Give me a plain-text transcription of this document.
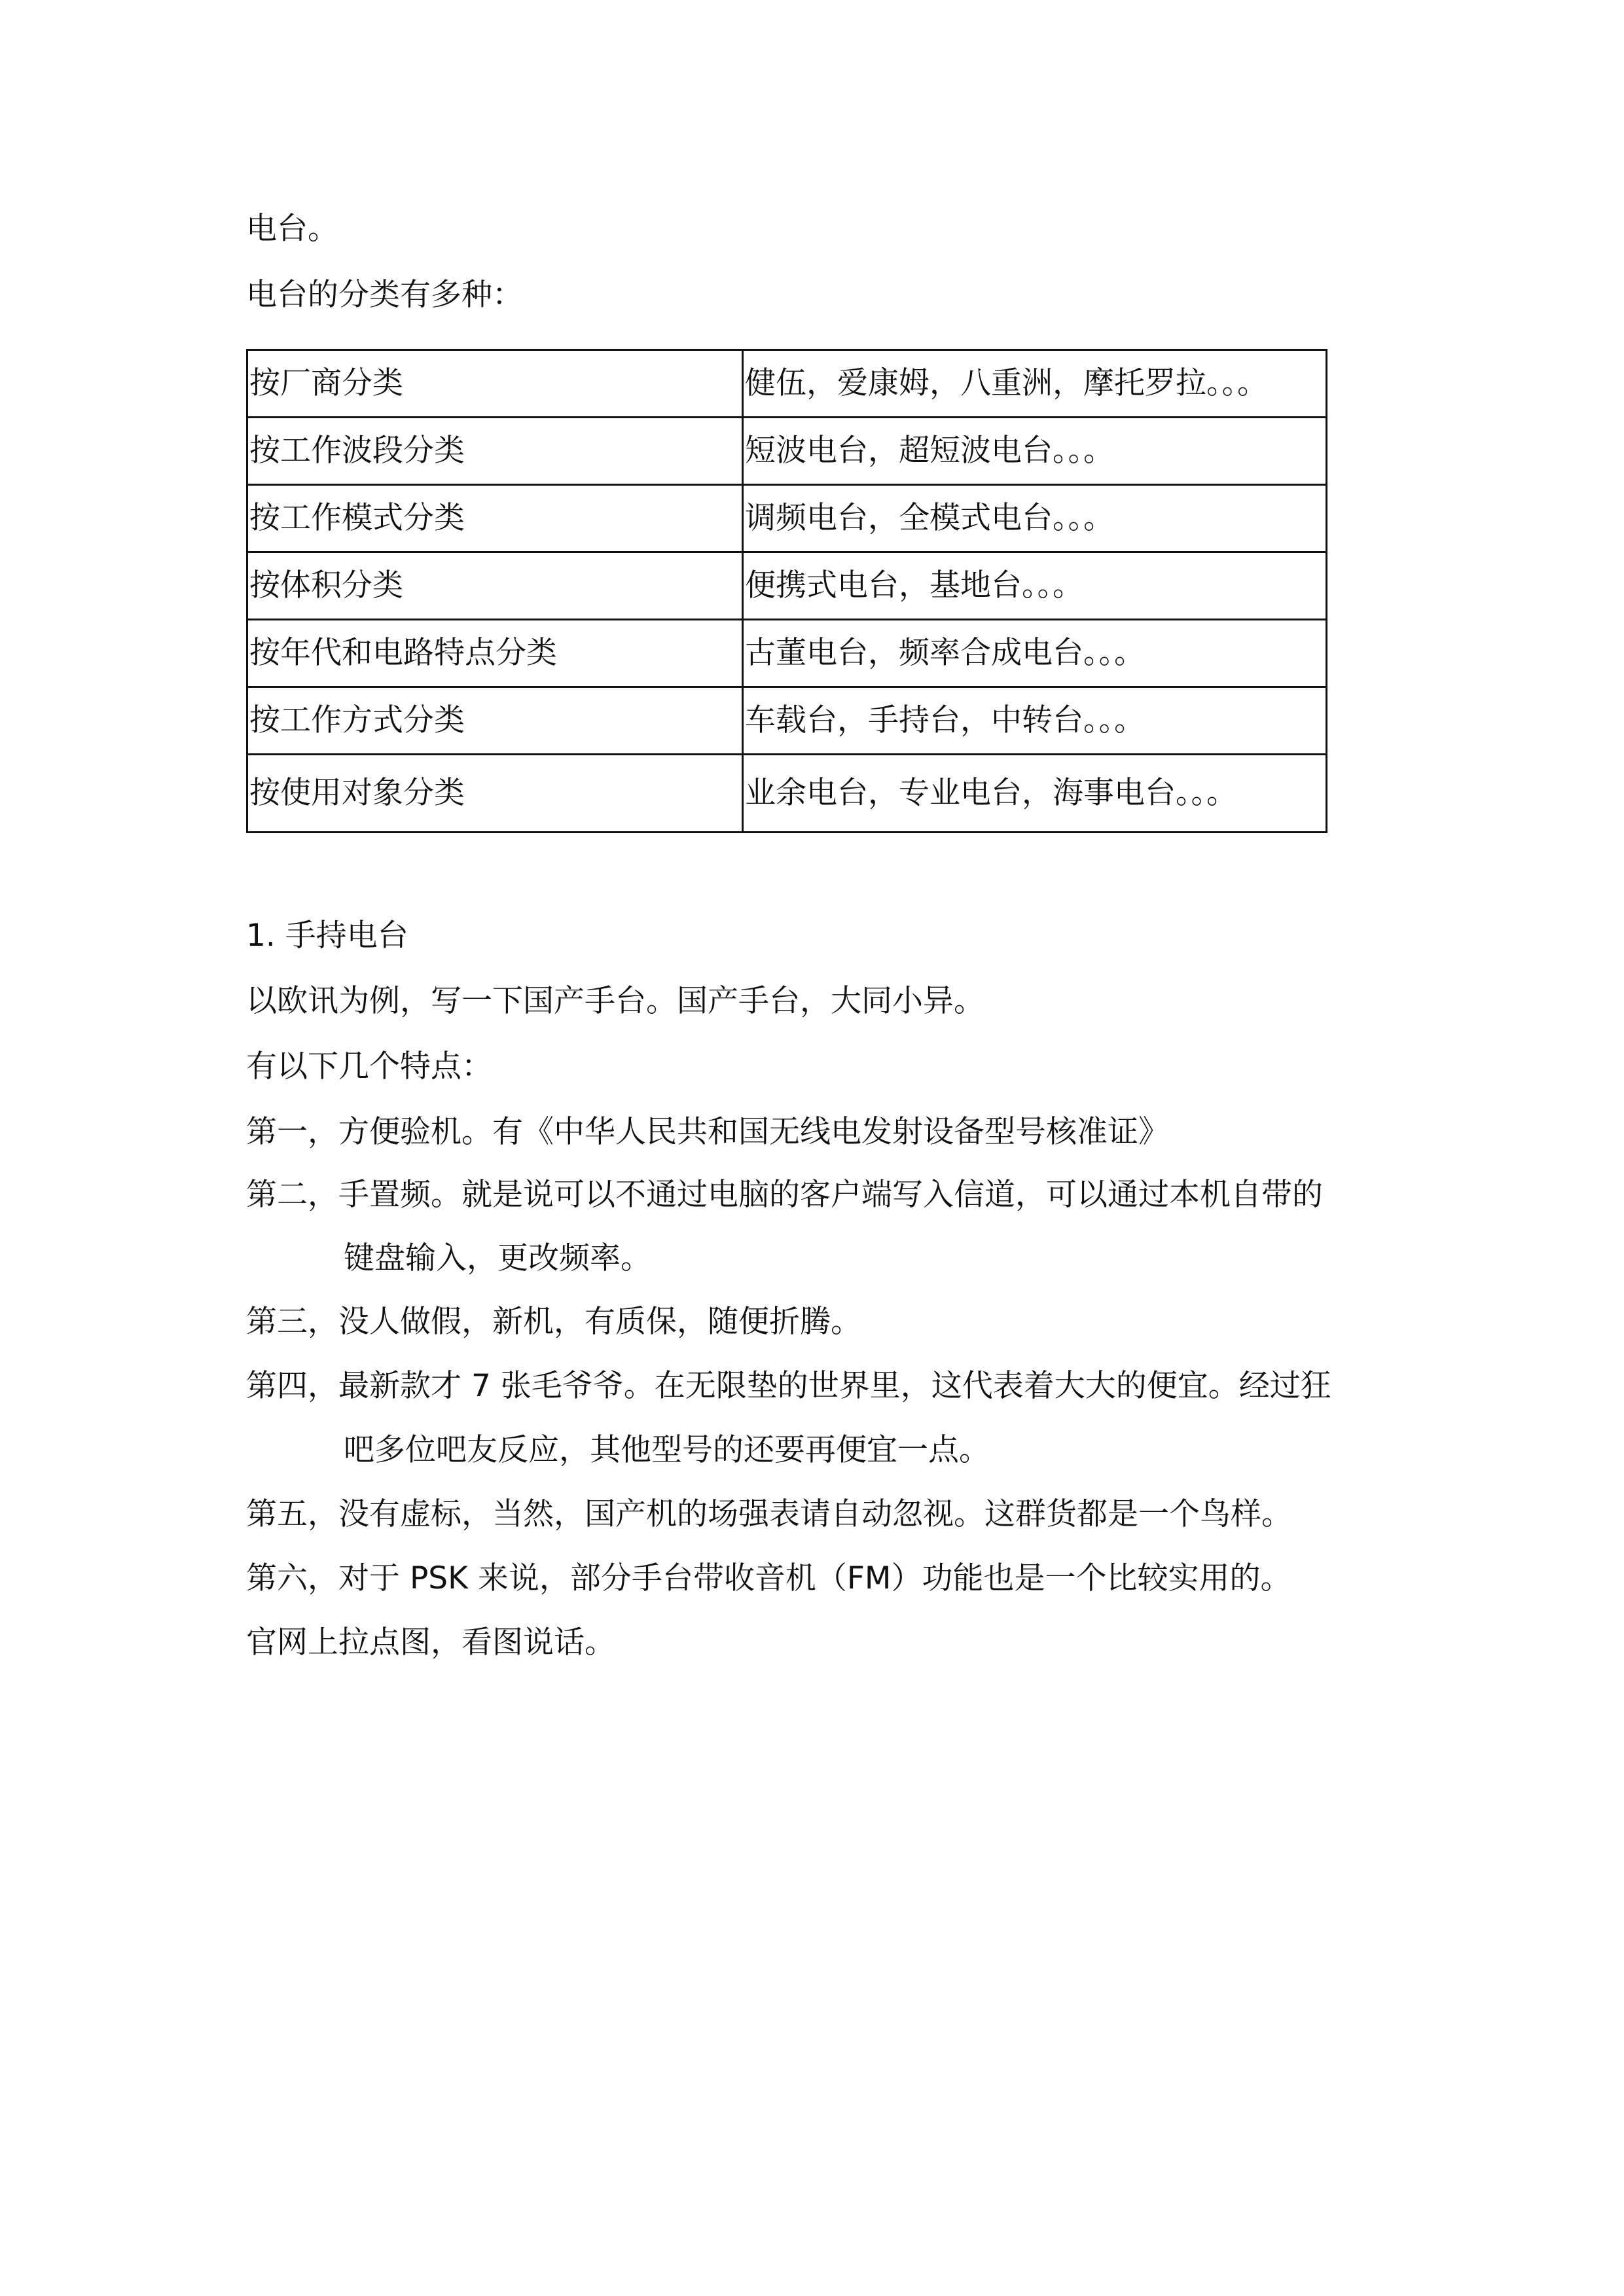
电台。
电台的分类有多种：
按厂商分类	健伍，爱康姆，八重洲，摩托罗拉。。。
按工作波段分类	短波电台，超短波电台。。。
按工作模式分类	调频电台，全模式电台。。。
按体积分类	便携式电台，基地台。。。
按年代和电路特点分类	古董电台，频率合成电台。。。
按工作方式分类	车载台，手持台，中转台。。。
按使用对象分类	业余电台，专业电台，海事电台。。。
1. 手持电台
以欧讯为例，写一下国产手台。国产手台，大同小异。
有以下几个特点：
第一，方便验机。有《中华人民共和国无线电发射设备型号核准证》
第二，手置频。就是说可以不通过电脑的客户端写入信道，可以通过本机自带的
键盘输入，更改频率。
第三，没人做假，新机，有质保，随便折腾。
第四，最新款才 7 张毛爷爷。在无限垫的世界里，这代表着大大的便宜。经过狂
吧多位吧友反应，其他型号的还要再便宜一点。
第五，没有虚标，当然，国产机的场强表请自动忽视。这群货都是一个鸟样。
第六，对于 PSK 来说，部分手台带收音机（FM）功能也是一个比较实用的。
官网上拉点图，看图说话。
